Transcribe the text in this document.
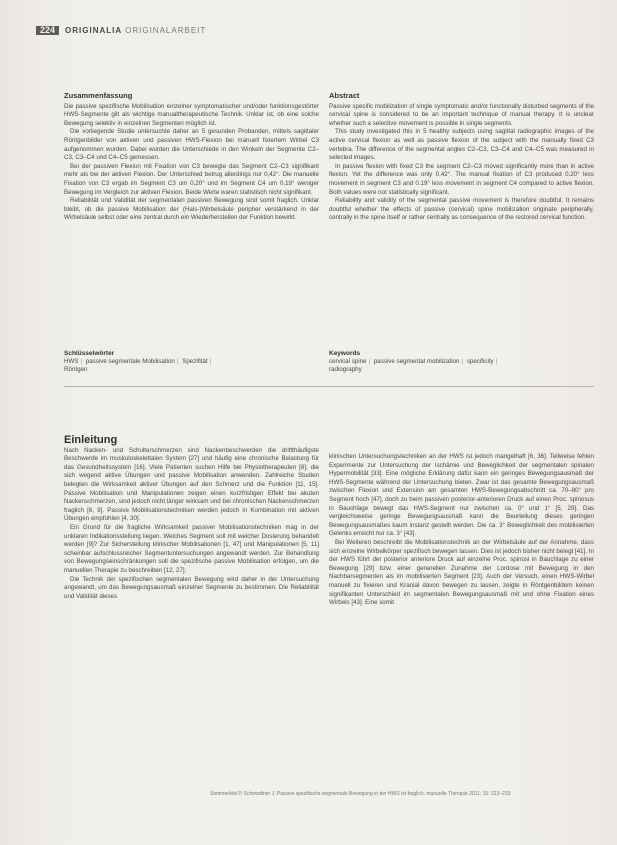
224	ORIGINALIA ORIGINALARBEIT
Zusammenfassung

Die passive spezifische Mobilisation einzelner symptomatischer und/oder funktionsgestörter HWS-Segmente gilt als wichtige manualtherapeutische Technik. Unklar ist, ob eine solche Bewegung selektiv in einzelnen Segmenten möglich ist.

Die vorliegende Studie untersuchte daher an 5 gesunden Probanden, mittels sagittaler Röntgenbilder von aktiven und passiven HWS-Flexion bei manuell fixiertem Wirbel C3 aufgenommen wurden. Dabei wurden die Unterschiede in den Winkeln der Segmente C2–C3, C3–C4 und C4–C5 gemessen.

Bei der passiven Flexion mit Fixation von C3 bewegte das Segment C2–C3 signifikant mehr als bei der aktiven Flexion. Der Unterschied betrug allerdings nur 0,42°. Die manuelle Fixation von C3 ergab im Segment C3 um 0,20° und im Segment C4 um 0,19° weniger Bewegung im Vergleich zur aktiven Flexion. Beide Werte waren statistisch nicht signifikant.

Reliabilität und Validität der segmentalen passiven Bewegung sind somit fraglich. Unklar bleibt, ob die passive Mobilisation der (Hals-)Wirbelsäule peripher verstärkend in der Wirbelsäule selbst oder eine zentral durch ein Wiederherstellen der Funktion bewirkt.

Abstract

Passive specific mobilization of single symptomatic and/or functionally disturbed segments of the cervical spine is considered to be an important technique of manual therapy. It is unclear whether such a selective movement is possible in single segments.

This study investigated this in 5 healthy subjects using sagittal radiographic images of the active cervical flexion as well as passive flexion of the subject with the manually fixed C3 vertebra. The difference of the segmental angles C2–C3, C3–C4 and C4–C5 was measured in selected images.

In passive flexion with fixed C3 the segment C2–C3 moved significantly more than in active flexion. Yet the difference was only 0.42°. The manual fixation of C3 produced 0.20° less movement in segment C3 and 0.19° less movement in segment C4 compared to active flexion. Both values were not statistically significant.

Reliability and validity of the segmental passive movement is therefore doubtful. It remains doubtful whether the effects of passive (cervical) spine mobilization originate peripherally, centrally in the spine itself or rather centrally as consequence of the restored cervical function.

Schlüsselwörter
HWS | passive segmentale Mobilisation | Spezifität |
Röntgen
Keywords
cervical spine | passive segmental mobilization | specificity |
radiography
Einleitung

Nach Nacken- und Schulterschmerzen sind Nackenbeschwerden die drittthäufigste Beschwerde im muskuloskelettalen System [27] und häufig eine chronische Belastung für das Gesundheitssystem [16]. Viele Patienten suchen Hilfe bei Physiotherapeuten [8]; die sich wegend aktive Übungen und passive Mobilisation anwenden. Zahlreiche Studien belegten die Wirksamkeit aktiver Übungen auf den Schmerz und die Funktion [11, 15]. Passive Mobilisation und Manipulationen zeigen einen kurzfristigen Effekt bei akuten Nackenschmerzen, sind jedoch nicht länger wirksam und bei chronischen Nackenschmerzen fraglich [6, 9]. Passive Mobilisationstechniken werden jedoch in Kombination mit aktiven Übungen empfohlen [4, 30].

Ein Grund für die fragliche Wirksamkeit passiver Mobilisationstechniken mag in der unklaren Indikationsstellung liegen. Welches Segment soll mit welcher Dosierung behandelt werden [9]? Zur Sicherstellung klinischer Mobilisationen [1, 47] und Manipulationen [5, 11] scheinbar aufschlussreicher Segmentuntersuchungen angewandt werden. Zur Behandlung von Bewegungseinschränkungen soll die spezifische passive Mobilisation erfolgen, um die manuellen Therapie zu beschreiben [12, 27].

Die Technik der spezifischen segmentalen Bewegung wird daher in der Untersuchung angewandt, um das Bewegungsausmaß einzelner Segmente zu bestimmen. Die Reliabilität und Validität dieses

klinischen Untersuchungstechniken an der HWS ist jedoch mangelhaft [6, 36]. Teilweise fehlen Experimente zur Untersuchung der Ischämie und Beweglichkeit der segmentalen spinalen Hypermobilität [33]. Eine mögliche Erklärung dafür kann ein geringes Bewegungsausmaß der HWS-Segmente während der Untersuchung bieten. Zwar ist das gesamte Bewegungsausmaß zwischen Flexion und Extension am gesamten HWS-Bewegungsabschnitt ca. 70–80° pro Segment hoch [47], doch zu beim passiven posterior-anterioren Druck auf einen Proc. spinosus in Bauchlage bewegt das HWS-Segment nur zwischen ca. 0° und 1° [5, 29]. Das vergleichsweise geringe Bewegungsausmaß kann die Beurteilung dieses geringen Bewegungsausmaßes kaum instanz gestellt werden. Die ca. 3° Beweglichkeit des mobilisierten Gelenks erreicht nur ca. 3° [43].

Bei Weiteren beschreibt die Mobilisationstechnik an der Wirbelsäule auf der Annahme, dass sich einzelne Wirbelkörper spezifisch bewegen lassen. Dies ist jedoch bisher nicht belegt [41]. In der HWS führt der posterior anteriore Druck auf einzelne Proc. spinosi in Bauchlage zu einer Bewegung [29] bzw. einer generellen Zunahme der Lordose mit Bewegung in den Nachbarsegmenten als im mobilisierten Segment [23]. Auch der Versuch, einen HWS-Wirbel manuell zu fixieren und Kranial davon bewegen zu lassen, zeigte in Röntgenbildern keinen signifikanten Unterschied im segmentalen Bewegungsausmaß mit und ohne Fixation eines Wirbels [43]. Eine somit

Sommerfeld P, Schewdtner J. Passive spezifische segmentale Bewegung in der HWS ist fraglich. manuelle Therapie 2011; 15: 223–233
